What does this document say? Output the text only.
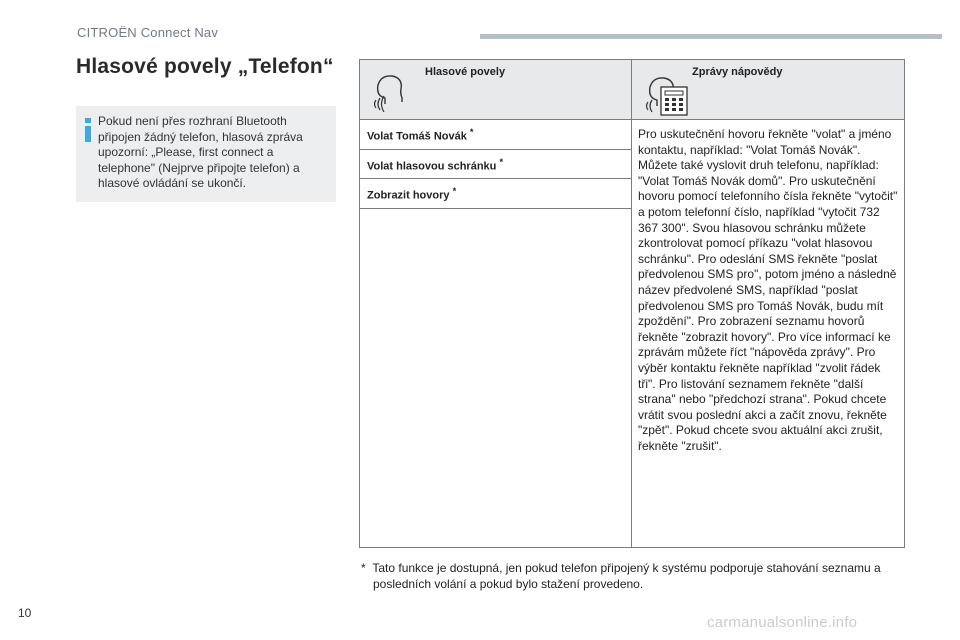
CITROËN Connect Nav
Hlasové povely „Telefon“
Pokud není přes rozhraní Bluetooth připojen žádný telefon, hlasová zpráva upozorní: „Please, first connect a telephone" (Nejprve připojte telefon) a hlasové ovládání se ukončí.
Hlasové povely	Zprávy nápovědy

Volat Tomáš Novák *	Pro uskutečnění hovoru řekněte "volat" a jméno kontaktu, například: "Volat Tomáš Novák". Můžete také vyslovit druh telefonu, například: "Volat Tomáš Novák domů". Pro uskutečnění hovoru pomocí telefonního čísla řekněte "vytočit" a potom telefonní číslo, například "vytočit 732 367 300". Svou hlasovou schránku můžete zkontrolovat pomocí příkazu "volat hlasovou schránku". Pro odeslání SMS řekněte "poslat předvolenou SMS pro", potom jméno a následně název předvolené SMS, například "poslat předvolenou SMS pro Tomáš Novák, budu mít zpoždění". Pro zobrazení seznamu hovorů řekněte "zobrazit hovory". Pro více informací ke zprávám můžete říct "nápověda zprávy". Pro výběr kontaktu řekněte například "zvolit řádek tři". Pro listování seznamem řekněte "další strana" nebo "předchozí strana". Pokud chcete vrátit svou poslední akci a začít znovu, řekněte "zpět". Pokud chcete svou aktuální akci zrušit, řekněte "zrušit".
Volat hlasovou schránku *
Zobrazit hovory *

* Tato funkce je dostupná, jen pokud telefon připojený k systému podporuje stahování seznamu a posledních volání a pokud bylo stažení provedeno.
10
carmanualsonline.info
